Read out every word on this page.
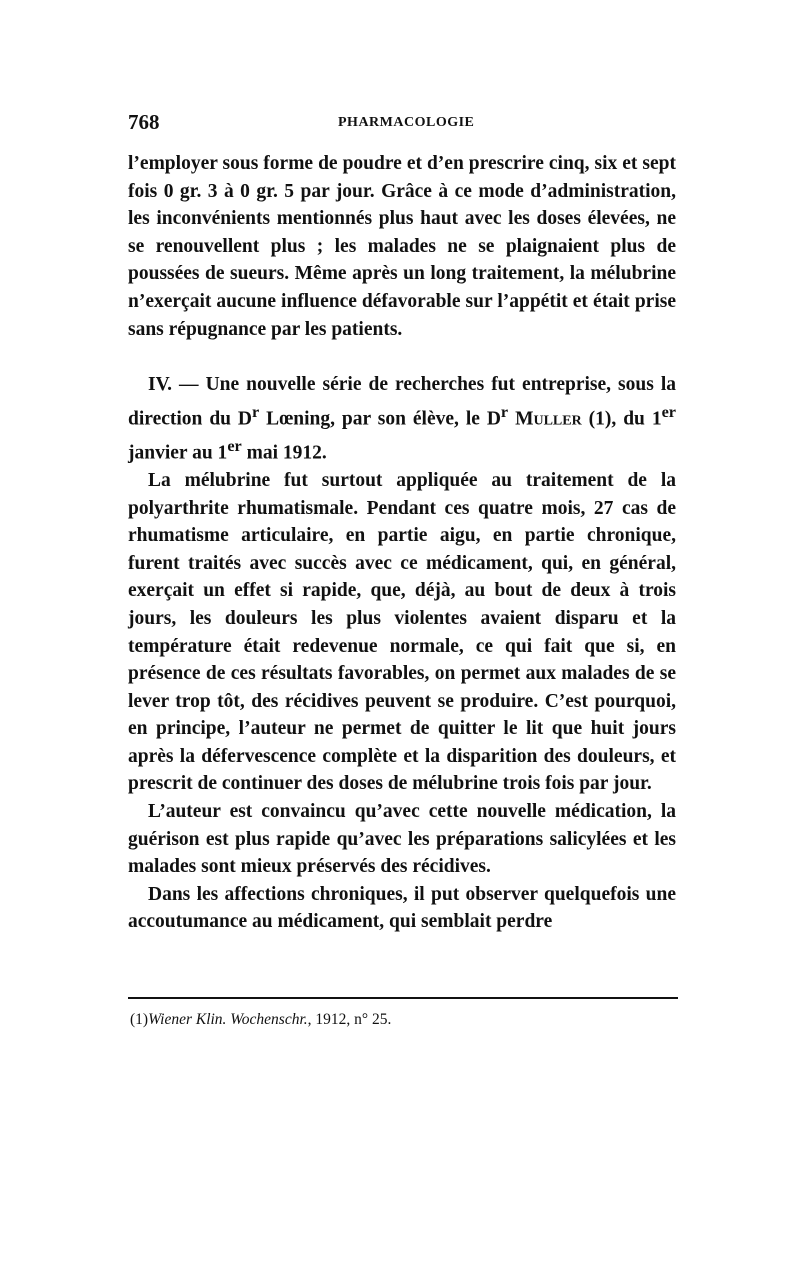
768	PHARMACOLOGIE

l’employer sous forme de poudre et d’en prescrire cinq, six et sept fois 0 gr. 3 à 0 gr. 5 par jour. Grâce à ce mode d’administration, les inconvénients mentionnés plus haut avec les doses élevées, ne se renouvellent plus ; les malades ne se plaignaient plus de poussées de sueurs. Même après un long traitement, la mélubrine n’exerçait aucune influence défavorable sur l’appétit et était prise sans répugnance par les patients.

IV. — Une nouvelle série de recherches fut entreprise, sous la direction du $D^r$ Lœning, par son élève, le $D^r$ Muller (1), du 1er janvier au 1er mai 1912.

La mélubrine fut surtout appliquée au traitement de la polyarthrite rhumatismale. Pendant ces quatre mois, 27 cas de rhumatisme articulaire, en partie aigu, en partie chronique, furent traités avec succès avec ce médicament, qui, en général, exerçait un effet si rapide, que, déjà, au bout de deux à trois jours, les douleurs les plus violentes avaient disparu et la température était redevenue normale, ce qui fait que si, en présence de ces résultats favorables, on permet aux malades de se lever trop tôt, des récidives peuvent se produire. C’est pourquoi, en principe, l’auteur ne permet de quitter le lit que huit jours après la défervescence complète et la disparition des douleurs, et prescrit de continuer des doses de mélubrine trois fois par jour.

L’auteur est convaincu qu’avec cette nouvelle médication, la guérison est plus rapide qu’avec les préparations salicylées et les malades sont mieux préservés des récidives.

Dans les affections chroniques, il put observer quelquefois une accoutumance au médicament, qui semblait perdre

(1)Wiener Klin. Wochenschr., 1912, n° 25.
